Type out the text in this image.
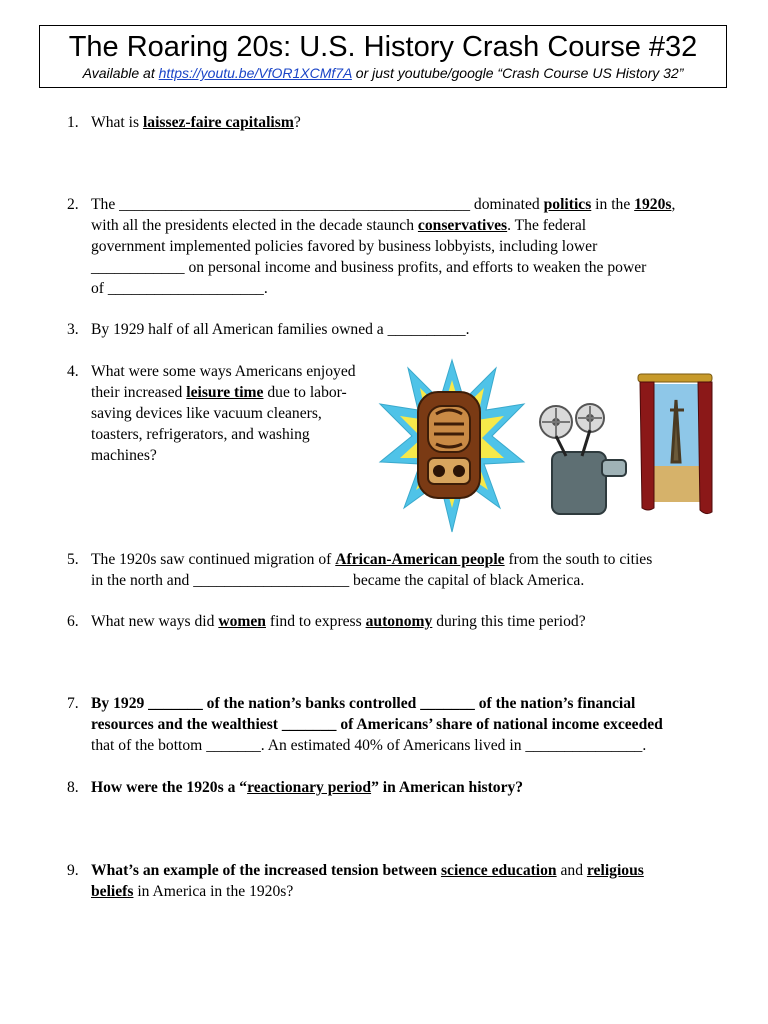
The Roaring 20s: U.S. History Crash Course #32
Available at https://youtu.be/VfOR1XCMf7A or just youtube/google “Crash Course US History 32”
1. What is laissez-faire capitalism?
2. The _____________________________________________ dominated politics in the 1920s,
with all the presidents elected in the decade staunch conservatives. The federal
government implemented policies favored by business lobbyists, including lower
____________ on personal income and business profits, and efforts to weaken the power
of ____________________.
3. By 1929 half of all American families owned a __________.
4. What were some ways Americans enjoyed
their increased leisure time due to labor-
saving devices like vacuum cleaners,
toasters, refrigerators, and washing
machines?
5. The 1920s saw continued migration of African-American people from the south to cities
in the north and ____________________ became the capital of black America.
6. What new ways did women find to express autonomy during this time period?
7. By 1929 _______ of the nation’s banks controlled _______ of the nation’s financial
resources and the wealthiest _______ of Americans’ share of national income exceeded
that of the bottom _______. An estimated 40% of Americans lived in _______________.
8. How were the 1920s a “reactionary period” in American history?
9. What’s an example of the increased tension between science education and religious
beliefs in America in the 1920s?
